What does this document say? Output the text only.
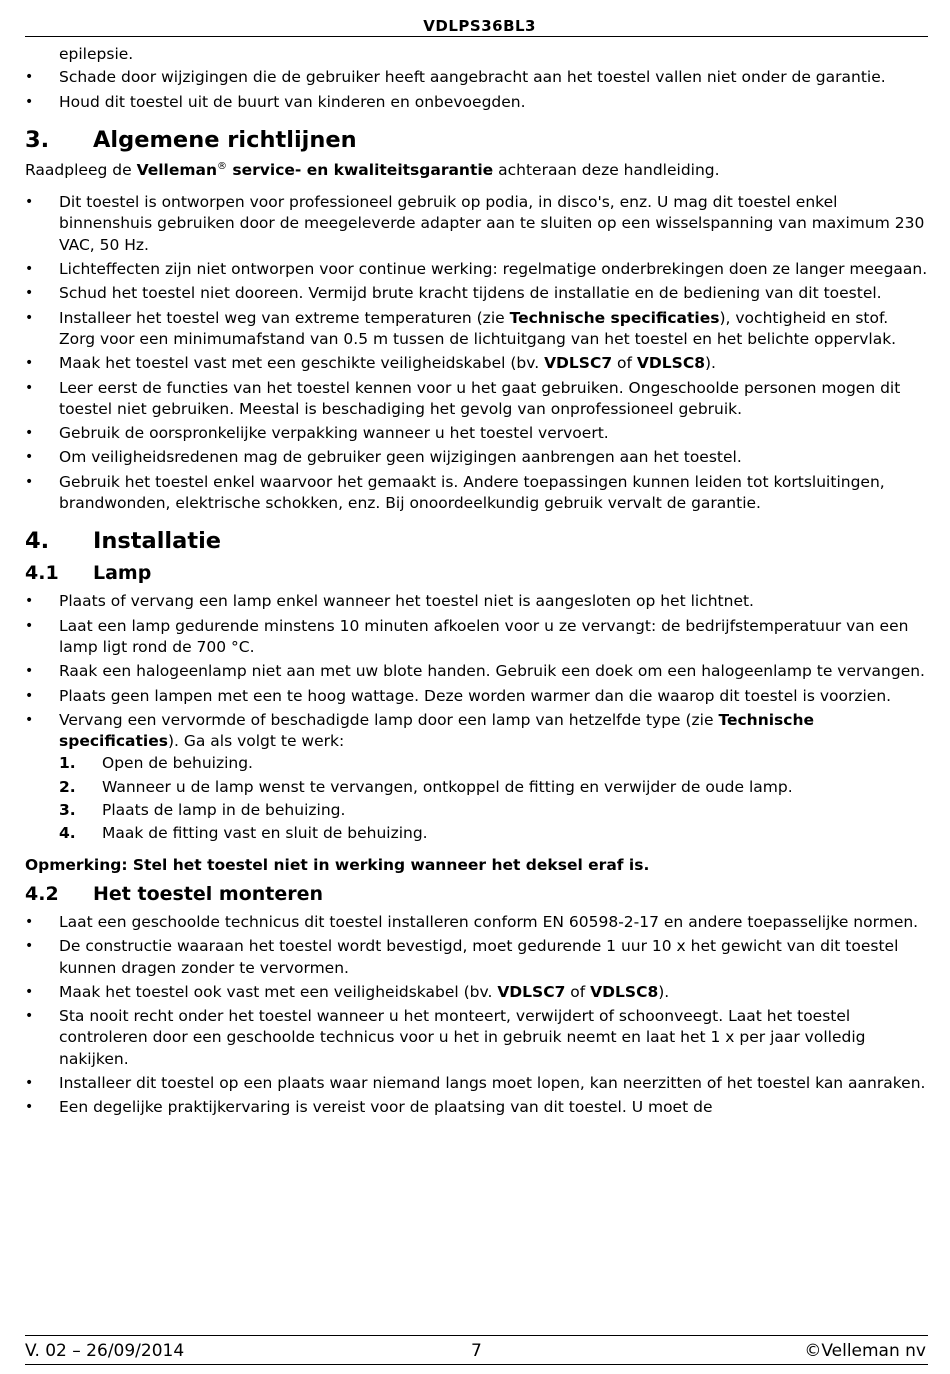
VDLPS36BL3

epilepsie.

•	Schade door wijzigingen die de gebruiker heeft aangebracht aan het toestel vallen niet onder de garantie.
•	Houd dit toestel uit de buurt van kinderen en onbevoegden.
3.	Algemene richtlijnen

Raadpleeg de Velleman® service- en kwaliteitsgarantie achteraan deze handleiding.

•	Dit toestel is ontworpen voor professioneel gebruik op podia, in disco's, enz. U mag dit toestel enkel binnenshuis gebruiken door de meegeleverde adapter aan te sluiten op een wisselspanning van maximum 230 VAC, 50 Hz.
•	Lichteffecten zijn niet ontworpen voor continue werking: regelmatige onderbrekingen doen ze langer meegaan.
•	Schud het toestel niet dooreen. Vermijd brute kracht tijdens de installatie en de bediening van dit toestel.
•	Installeer het toestel weg van extreme temperaturen (zie Technische specificaties), vochtigheid en stof. Zorg voor een minimumafstand van 0.5 m tussen de lichtuitgang van het toestel en het belichte oppervlak.
•	Maak het toestel vast met een geschikte veiligheidskabel (bv. VDLSC7 of VDLSC8).
•	Leer eerst de functies van het toestel kennen voor u het gaat gebruiken. Ongeschoolde personen mogen dit toestel niet gebruiken. Meestal is beschadiging het gevolg van onprofessioneel gebruik.
•	Gebruik de oorspronkelijke verpakking wanneer u het toestel vervoert.
•	Om veiligheidsredenen mag de gebruiker geen wijzigingen aanbrengen aan het toestel.
•	Gebruik het toestel enkel waarvoor het gemaakt is. Andere toepassingen kunnen leiden tot kortsluitingen, brandwonden, elektrische schokken, enz. Bij onoordeelkundig gebruik vervalt de garantie.
4.	Installatie
4.1	Lamp
•	Plaats of vervang een lamp enkel wanneer het toestel niet is aangesloten op het lichtnet.
•	Laat een lamp gedurende minstens 10 minuten afkoelen voor u ze vervangt: de bedrijfstemperatuur van een lamp ligt rond de 700 °C.
•	Raak een halogeenlamp niet aan met uw blote handen. Gebruik een doek om een halogeenlamp te vervangen.
•	Plaats geen lampen met een te hoog wattage. Deze worden warmer dan die waarop dit toestel is voorzien.
•	Vervang een vervormde of beschadigde lamp door een lamp van hetzelfde type (zie Technische specificaties). Ga als volgt te werk:
1.	Open de behuizing.
2.	Wanneer u de lamp wenst te vervangen, ontkoppel de fitting en verwijder de oude lamp.
3.	Plaats de lamp in de behuizing.
4.	Maak de fitting vast en sluit de behuizing.

Opmerking: Stel het toestel niet in werking wanneer het deksel eraf is.

4.2	Het toestel monteren
•	Laat een geschoolde technicus dit toestel installeren conform EN 60598-2-17 en andere toepasselijke normen.
•	De constructie waaraan het toestel wordt bevestigd, moet gedurende 1 uur 10 x het gewicht van dit toestel kunnen dragen zonder te vervormen.
•	Maak het toestel ook vast met een veiligheidskabel (bv. VDLSC7 of VDLSC8).
•	Sta nooit recht onder het toestel wanneer u het monteert, verwijdert of schoonveegt. Laat het toestel controleren door een geschoolde technicus voor u het in gebruik neemt en laat het 1 x per jaar volledig nakijken.
•	Installeer dit toestel op een plaats waar niemand langs moet lopen, kan neerzitten of het toestel kan aanraken.
•	Een degelijke praktijkervaring is vereist voor de plaatsing van dit toestel. U moet de
V. 02 – 26/09/2014	7	©Velleman nv
